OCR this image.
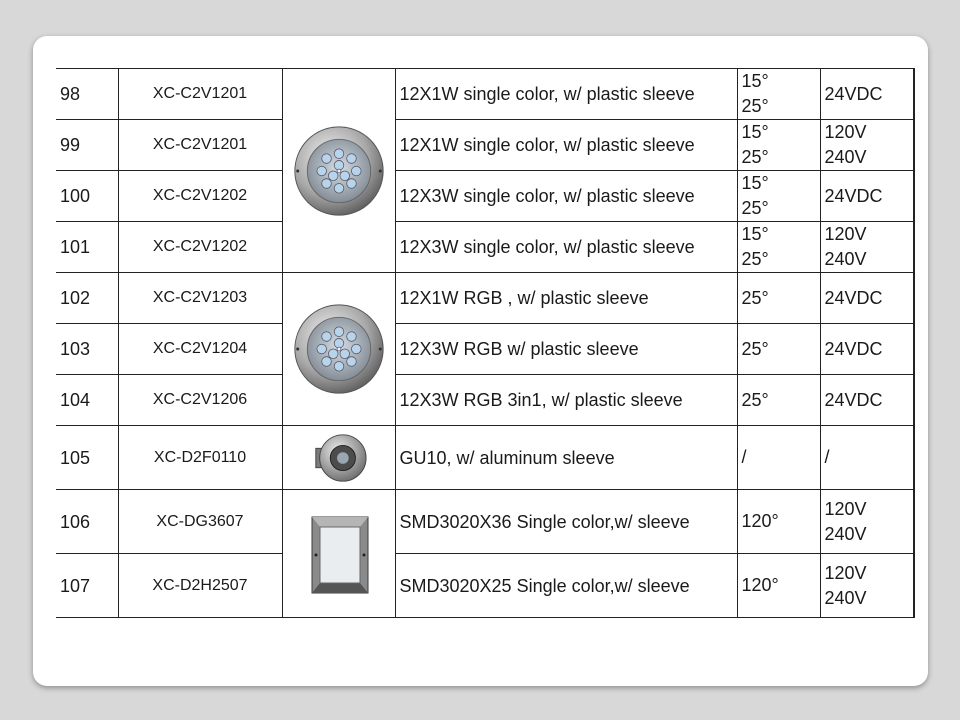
98	XC-C2V1201		12X1W single color, w/ plastic sleeve	15°
25°	24VDC

99	XC-C2V1201		12X1W single color, w/ plastic sleeve	15°
25°	120V
240V

100	XC-C2V1202		12X3W single color, w/ plastic sleeve	15°
25°	24VDC

101	XC-C2V1202		12X3W single color, w/ plastic sleeve	15°
25°	120V
240V

102	XC-C2V1203		12X1W RGB , w/ plastic sleeve	25°	24VDC

103	XC-C2V1204		12X3W RGB w/ plastic sleeve	25°	24VDC

104	XC-C2V1206		12X3W RGB 3in1, w/ plastic sleeve	25°	24VDC

105	XC-D2F0110		GU10, w/ aluminum sleeve	/	/

106	XC-DG3607		SMD3020X36 Single color,w/ sleeve	120°	120V
240V

107	XC-D2H2507		SMD3020X25 Single color,w/ sleeve	120°	120V
240V
